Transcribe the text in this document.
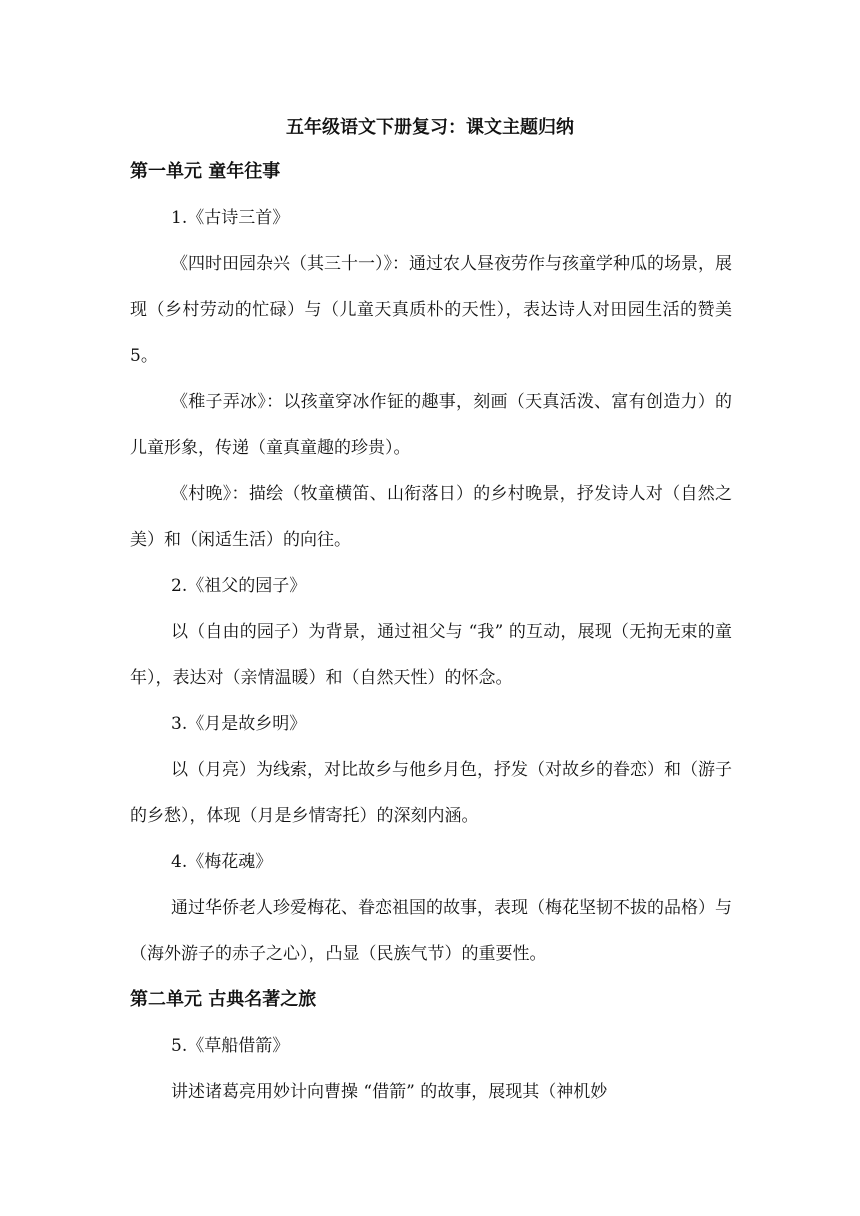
五年级语文下册复习：课文主题归纳
第一单元 童年往事
1.《古诗三首》

《四时田园杂兴（其三十一）》：通过农人昼夜劳作与孩童学种瓜的场景，展现（乡村劳动的忙碌）与（儿童天真质朴的天性），表达诗人对田园生活的赞美 5。

《稚子弄冰》：以孩童穿冰作钲的趣事，刻画（天真活泼、富有创造力）的儿童形象，传递（童真童趣的珍贵）。

《村晚》：描绘（牧童横笛、山衔落日）的乡村晚景，抒发诗人对（自然之美）和（闲适生活）的向往。

2.《祖父的园子》

以（自由的园子）为背景，通过祖父与 “我” 的互动，展现（无拘无束的童年），表达对（亲情温暖）和（自然天性）的怀念。

3.《月是故乡明》

以（月亮）为线索，对比故乡与他乡月色，抒发（对故乡的眷恋）和（游子的乡愁），体现（月是乡情寄托）的深刻内涵。

4.《梅花魂》

通过华侨老人珍爱梅花、眷恋祖国的故事，表现（梅花坚韧不拔的品格）与（海外游子的赤子之心），凸显（民族气节）的重要性。

第二单元 古典名著之旅
5.《草船借箭》

讲述诸葛亮用妙计向曹操 “借箭” 的故事，展现其（神机妙
